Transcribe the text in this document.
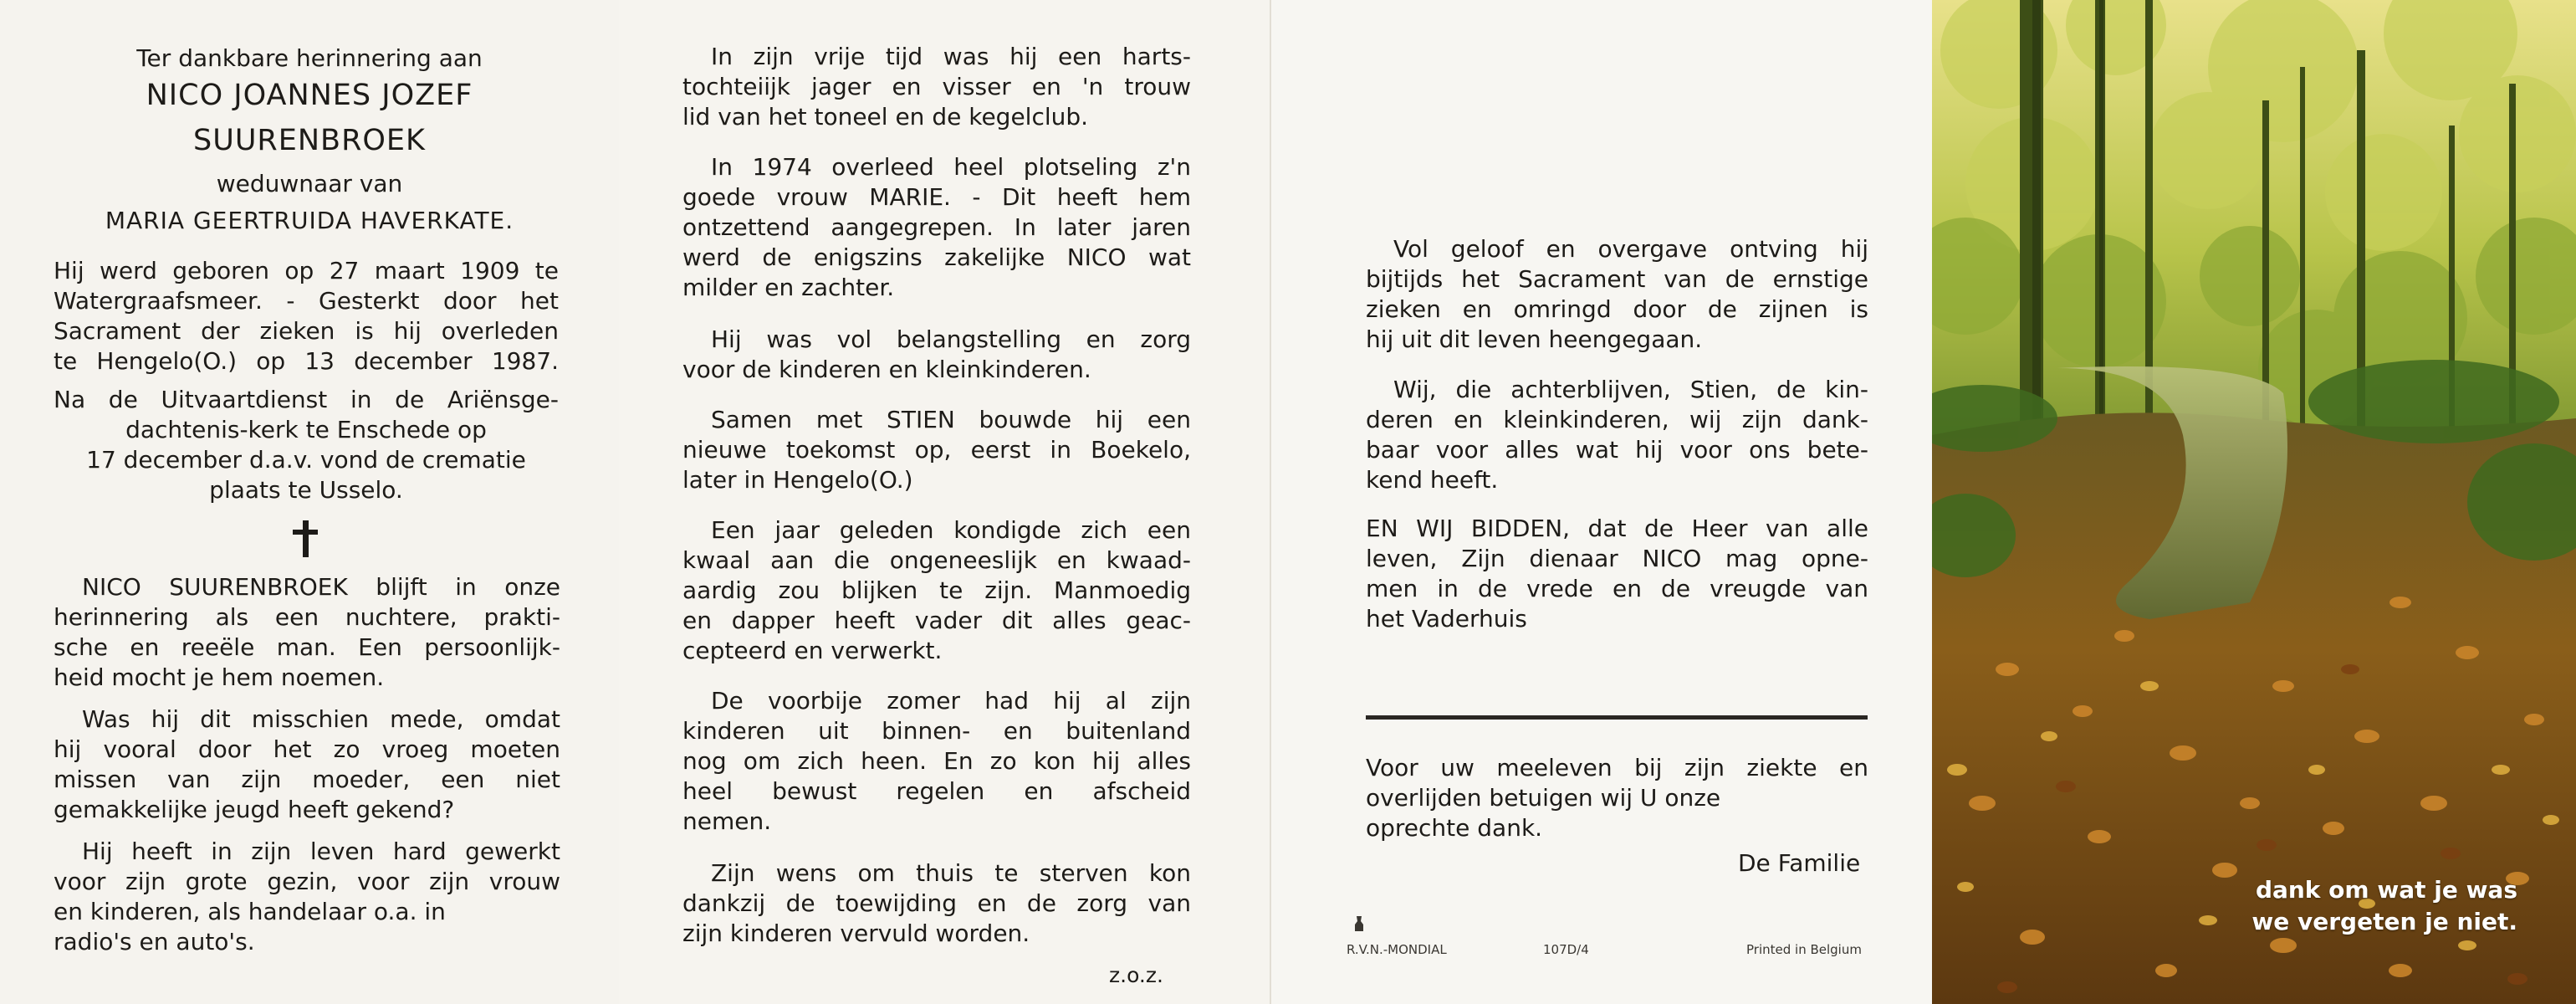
Ter dankbare herinnering aan
NICO JOANNES JOZEF
SUURENBROEK
weduwnaar van
MARIA GEERTRUIDA HAVERKATE.
Hij werd geboren op 27 maart 1909 te
Watergraafsmeer. - Gesterkt door het
Sacrament der zieken is hij overleden
te Hengelo(O.) op 13 december 1987.
Na de Uitvaartdienst in de Ariënsge-
dachtenis-kerk te Enschede op
17 december d.a.v. vond de crematie
plaats te Usselo.
NICO SUURENBROEK blijft in onze
herinnering als een nuchtere, prakti-
sche en reeële man. Een persoonlijk-
heid mocht je hem noemen.
Was hij dit misschien mede, omdat
hij vooral door het zo vroeg moeten
missen van zijn moeder, een niet
gemakkelijke jeugd heeft gekend?
Hij heeft in zijn leven hard gewerkt
voor zijn grote gezin, voor zijn vrouw
en kinderen, als handelaar o.a. in
radio's en auto's.
In zijn vrije tijd was hij een harts-
tochteiijk jager en visser en 'n trouw
lid van het toneel en de kegelclub.
In 1974 overleed heel plotseling z'n
goede vrouw MARIE. - Dit heeft hem
ontzettend aangegrepen. In later jaren
werd de enigszins zakelijke NICO wat
milder en zachter.
Hij was vol belangstelling en zorg
voor de kinderen en kleinkinderen.
Samen met STIEN bouwde hij een
nieuwe toekomst op, eerst in Boekelo,
later in Hengelo(O.)
Een jaar geleden kondigde zich een
kwaal aan die ongeneeslijk en kwaad-
aardig zou blijken te zijn. Manmoedig
en dapper heeft vader dit alles geac-
cepteerd en verwerkt.
De voorbije zomer had hij al zijn
kinderen uit binnen- en buitenland
nog om zich heen. En zo kon hij alles
heel bewust regelen en afscheid
nemen.
Zijn wens om thuis te sterven kon
dankzij de toewijding en de zorg van
zijn kinderen vervuld worden.
z.o.z.
Vol geloof en overgave ontving hij
bijtijds het Sacrament van de ernstige
zieken en omringd door de zijnen is
hij uit dit leven heengegaan.
Wij, die achterblijven, Stien, de kin-
deren en kleinkinderen, wij zijn dank-
baar voor alles wat hij voor ons bete-
kend heeft.
EN WIJ BIDDEN, dat de Heer van alle
leven, Zijn dienaar NICO mag opne-
men in de vrede en de vreugde van
het Vaderhuis
Voor uw meeleven bij zijn ziekte en
overlijden betuigen wij U onze
oprechte dank.
De Familie
R.V.N.-MONDIAL	107D/4	Printed in Belgium
dank om wat je was
we vergeten je niet.
